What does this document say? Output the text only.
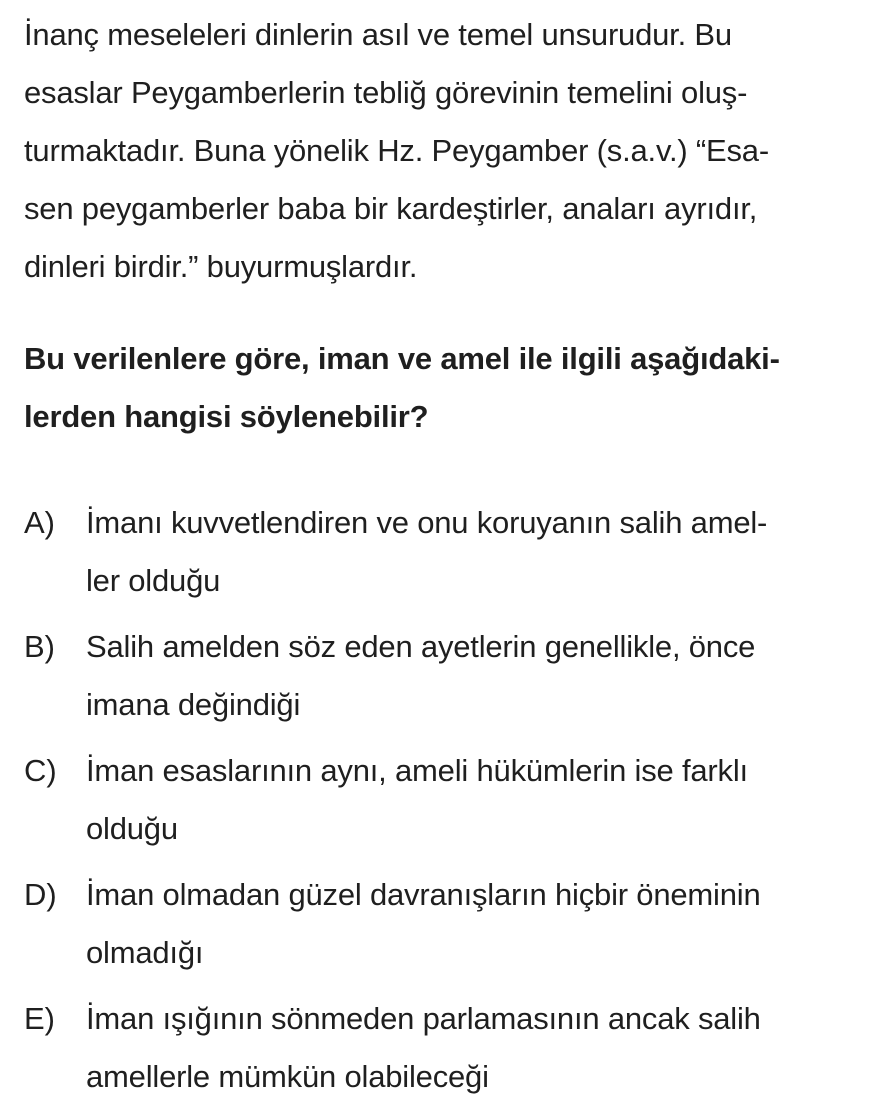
İnanç meseleleri dinlerin asıl ve temel unsurudur. Bu
esaslar Peygamberlerin tebliğ görevinin temelini oluş-
turmaktadır. Buna yönelik Hz. Peygamber (s.a.v.) “Esa-
sen peygamberler baba bir kardeştirler, anaları ayrıdır,
dinleri birdir.” buyurmuşlardır.
Bu verilenlere göre, iman ve amel ile ilgili aşağıdaki-
lerden hangisi söylenebilir?
A) İmanı kuvvetlendiren ve onu koruyanın salih amel-
ler olduğu
B) Salih amelden söz eden ayetlerin genellikle, önce
imana değindiği
C) İman esaslarının aynı, ameli hükümlerin ise farklı
olduğu
D) İman olmadan güzel davranışların hiçbir öneminin
olmadığı
E) İman ışığının sönmeden parlamasının ancak salih
amellerle mümkün olabileceği
